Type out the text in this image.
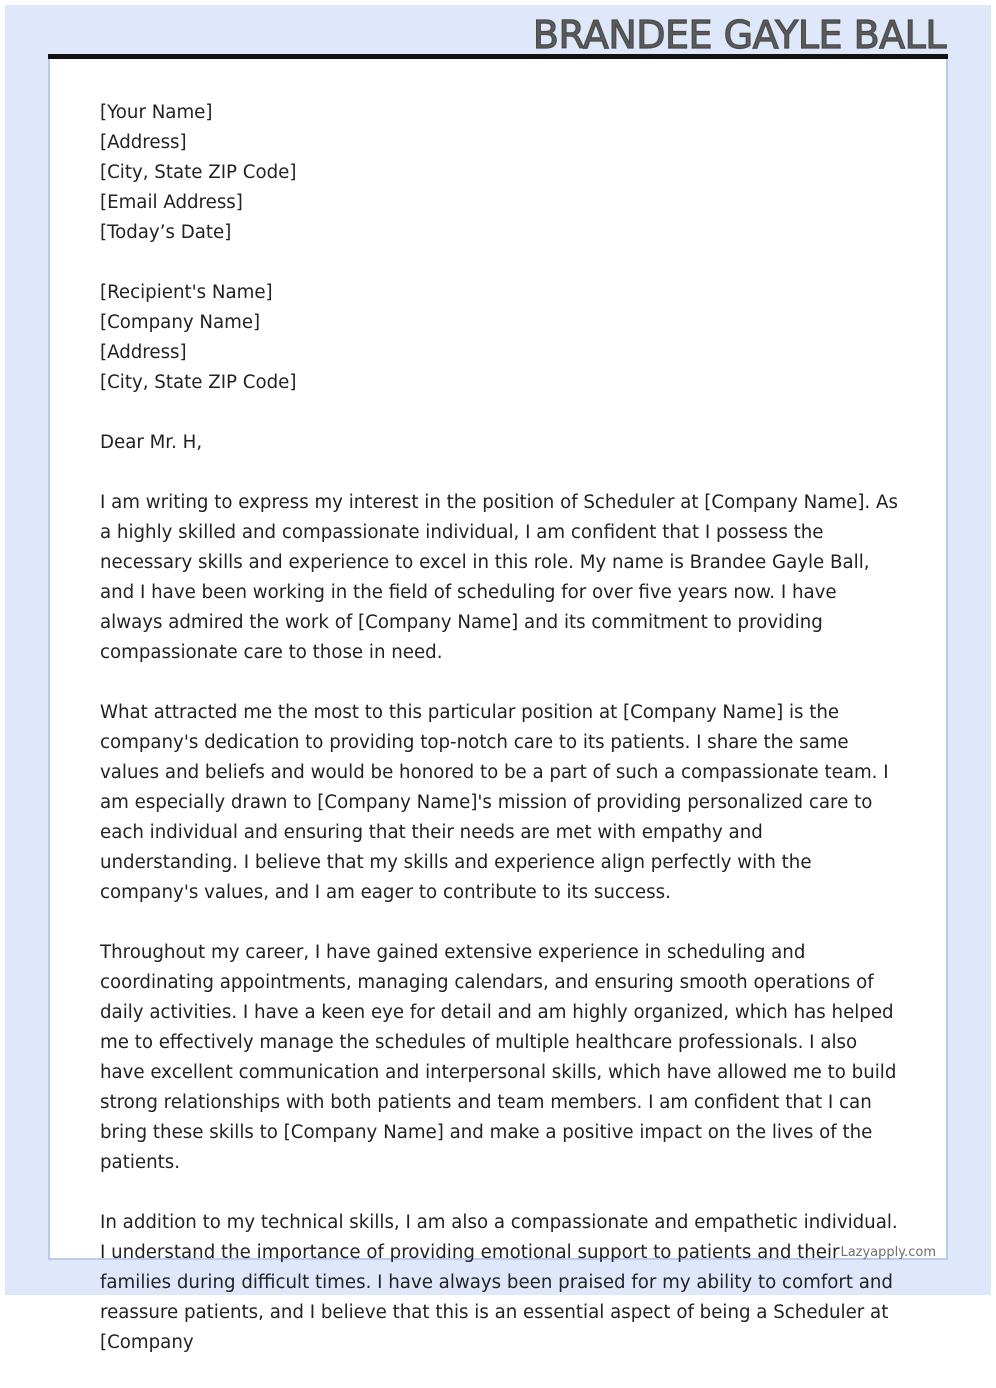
BRANDEE GAYLE BALL
[Your Name]
[Address]
[City, State ZIP Code]
[Email Address]
[Today’s Date]
[Recipient's Name]
[Company Name]
[Address]
[City, State ZIP Code]

Dear Mr. H,

I am writing to express my interest in the position of Scheduler at [Company Name]. As a highly skilled and compassionate individual, I am confident that I possess the necessary skills and experience to excel in this role. My name is Brandee Gayle Ball, and I have been working in the field of scheduling for over five years now. I have always admired the work of [Company Name] and its commitment to providing compassionate care to those in need.

What attracted me the most to this particular position at [Company Name] is the company's dedication to providing top-notch care to its patients. I share the same values and beliefs and would be honored to be a part of such a compassionate team. I am especially drawn to [Company Name]'s mission of providing personalized care to each individual and ensuring that their needs are met with empathy and understanding. I believe that my skills and experience align perfectly with the company's values, and I am eager to contribute to its success.

Throughout my career, I have gained extensive experience in scheduling and coordinating appointments, managing calendars, and ensuring smooth operations of daily activities. I have a keen eye for detail and am highly organized, which has helped me to effectively manage the schedules of multiple healthcare professionals. I also have excellent communication and interpersonal skills, which have allowed me to build strong relationships with both patients and team members. I am confident that I can bring these skills to [Company Name] and make a positive impact on the lives of the patients.

In addition to my technical skills, I am also a compassionate and empathetic individual. I understand the importance of providing emotional support to patients and their families during difficult times. I have always been praised for my ability to comfort and reassure patients, and I believe that this is an essential aspect of being a Scheduler at [Company

Lazyapply.com
